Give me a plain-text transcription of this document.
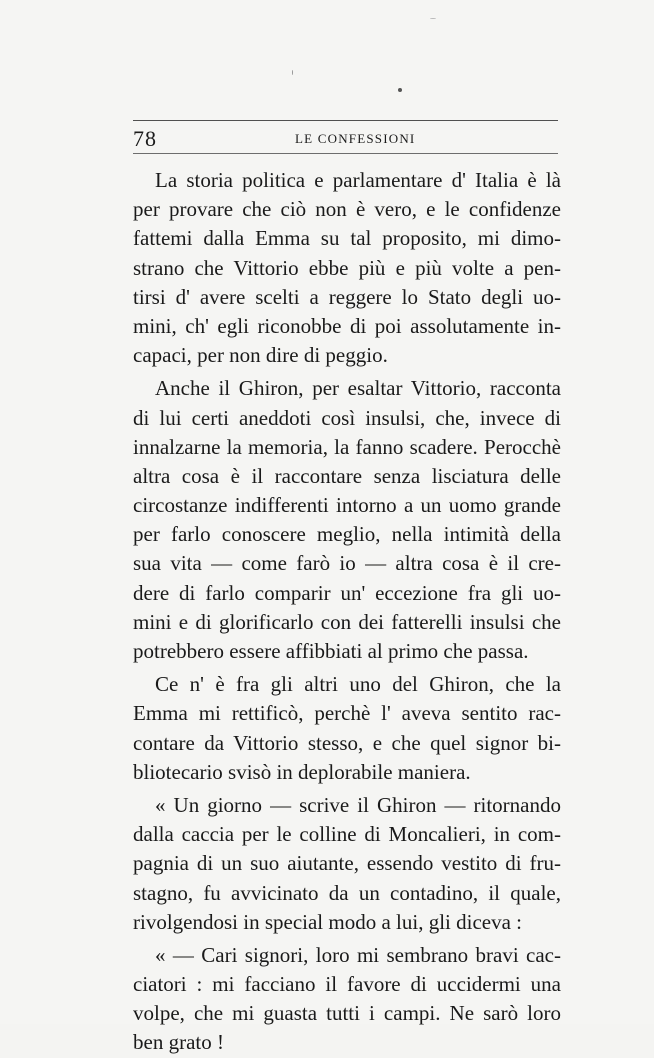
78	LE CONFESSIONI
La storia politica e parlamentare d' Italia è là
per provare che ciò non è vero, e le confidenze
fattemi dalla Emma su tal proposito, mi dimo-
strano che Vittorio ebbe più e più volte a pen-
tirsi d' avere scelti a reggere lo Stato degli uo-
mini, ch' egli riconobbe di poi assolutamente in-
capaci, per non dire di peggio.
Anche il Ghiron, per esaltar Vittorio, racconta
di lui certi aneddoti così insulsi, che, invece di
innalzarne la memoria, la fanno scadere. Perocchè
altra cosa è il raccontare senza lisciatura delle
circostanze indifferenti intorno a un uomo grande
per farlo conoscere meglio, nella intimità della
sua vita — come farò io — altra cosa è il cre-
dere di farlo comparir un' eccezione fra gli uo-
mini e di glorificarlo con dei fatterelli insulsi che
potrebbero essere affibbiati al primo che passa.
Ce n' è fra gli altri uno del Ghiron, che la
Emma mi rettificò, perchè l' aveva sentito rac-
contare da Vittorio stesso, e che quel signor bi-
bliotecario svisò in deplorabile maniera.
« Un giorno — scrive il Ghiron — ritornando
dalla caccia per le colline di Moncalieri, in com-
pagnia di un suo aiutante, essendo vestito di fru-
stagno, fu avvicinato da un contadino, il quale,
rivolgendosi in special modo a lui, gli diceva :
« — Cari signori, loro mi sembrano bravi cac-
ciatori : mi facciano il favore di uccidermi una
volpe, che mi guasta tutti i campi. Ne sarò loro
ben grato !
